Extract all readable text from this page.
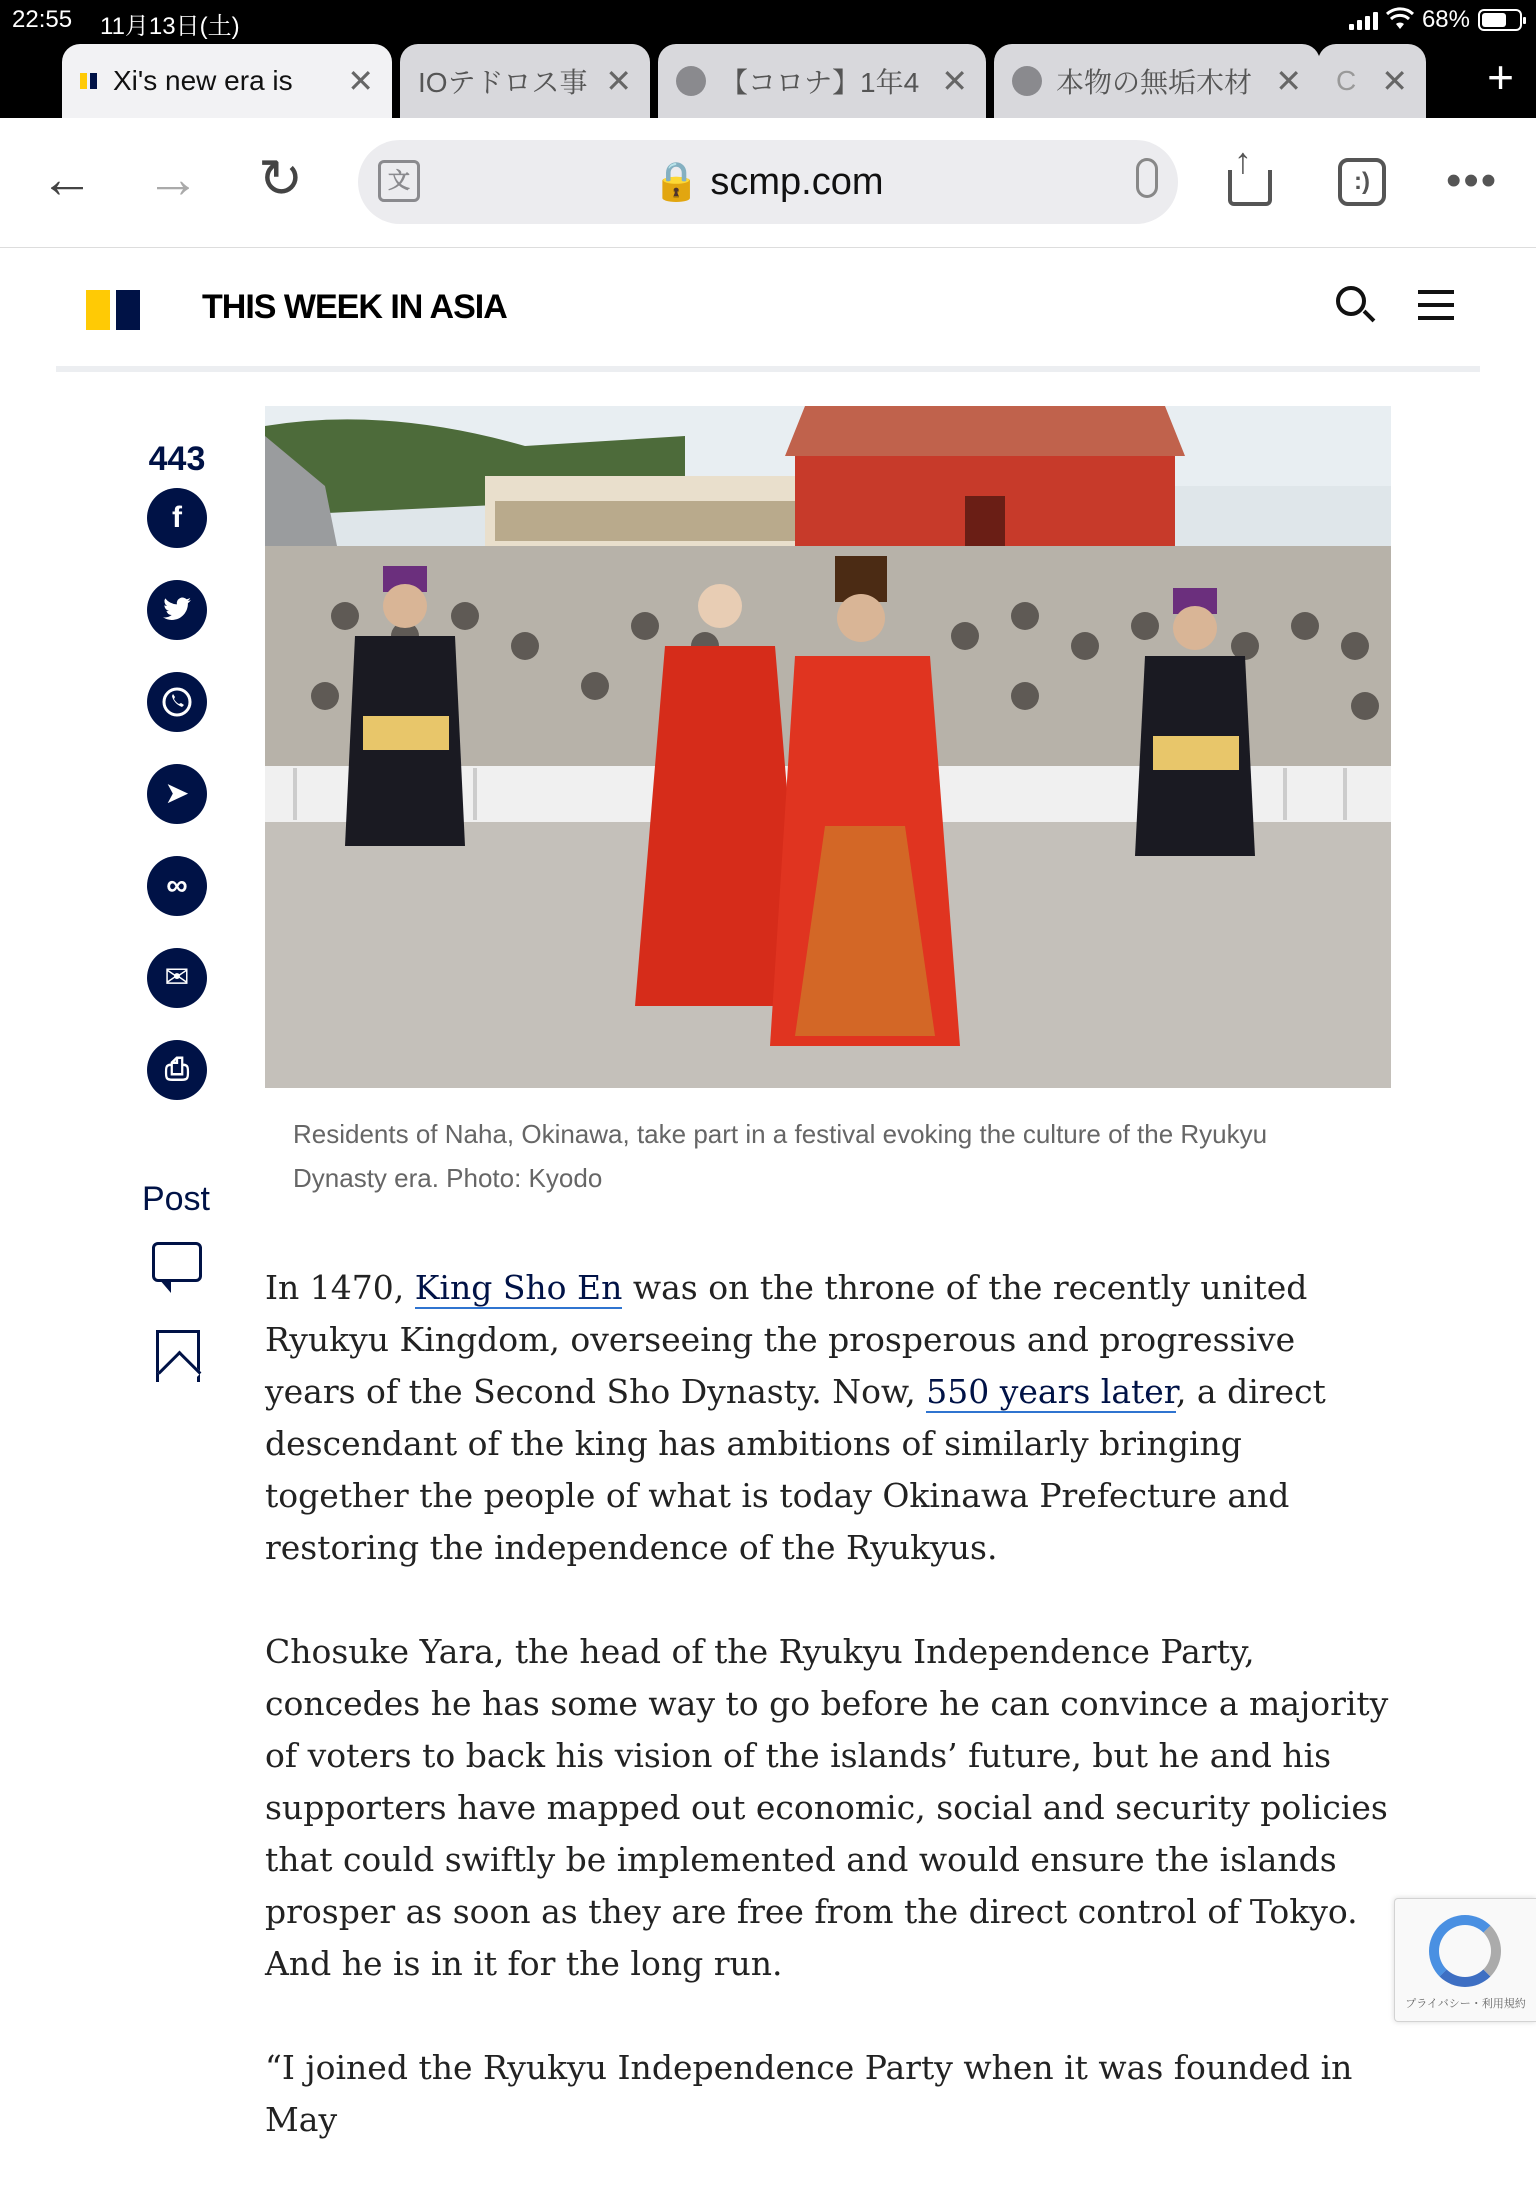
22:55 11月13日(土)	68%
Xi's new era is	✕ IOテドロス事 ✕	【コロナ】1年4 ✕	本物の無垢木材 ✕ C ✕ +
← → ↻	文	🔒 scmp.com
↑
:)	•••
THIS WEEK IN ASIA
443
f
➤
∞
✉
⎙
Post
Residents of Naha, Okinawa, take part in a festival evoking the culture of the Ryukyu Dynasty era. Photo: Kyodo

In 1470, King Sho En was on the throne of the recently united Ryukyu Kingdom, overseeing the prosperous and progressive years of the Second Sho Dynasty. Now, 550 years later, a direct descendant of the king has ambitions of similarly bringing together the people of what is today Okinawa Prefecture and restoring the independence of the Ryukyus.

Chosuke Yara, the head of the Ryukyu Independence Party, concedes he has some way to go before he can convince a majority of voters to back his vision of the islands’ future, but he and his supporters have mapped out economic, social and security policies that could swiftly be implemented and would ensure the islands prosper as soon as they are free from the direct control of Tokyo. And he is in it for the long run.

“I joined the Ryukyu Independence Party when it was founded in May

プライバシー・利用規約
